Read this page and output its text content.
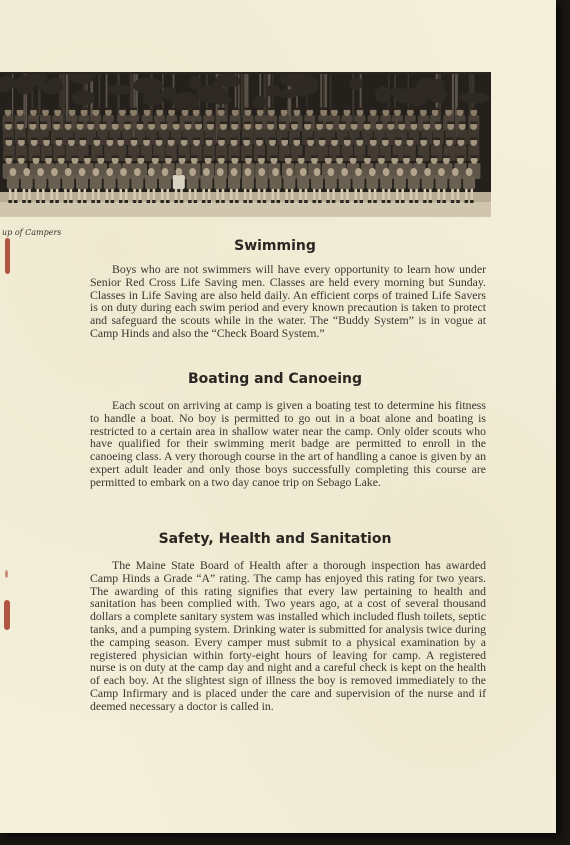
up of Campers
Swimming

Boys who are not swimmers will have every opportunity to learn how under Senior Red Cross Life Saving men. Classes are held every morning but Sunday. Classes in Life Saving are also held daily. An efficient corps of trained Life Savers is on duty during each swim period and every known precaution is taken to protect and safeguard the scouts while in the water. The “Buddy System” is in vogue at Camp Hinds and also the “Check Board System.”

Boating and Canoeing

Each scout on arriving at camp is given a boating test to determine his fitness to handle a boat. No boy is permitted to go out in a boat alone and boating is restricted to a certain area in shallow water near the camp. Only older scouts who have qualified for their swimming merit badge are permitted to enroll in the canoeing class. A very thorough course in the art of handling a canoe is given by an expert adult leader and only those boys successfully completing this course are permitted to embark on a two day canoe trip on Sebago Lake.

Safety, Health and Sanitation

The Maine State Board of Health after a thorough inspection has awarded Camp Hinds a Grade “A” rating. The camp has enjoyed this rating for two years. The awarding of this rating signifies that every law pertaining to health and sanitation has been complied with. Two years ago, at a cost of several thousand dollars a complete sanitary system was installed which included flush toilets, septic tanks, and a pumping system. Drinking water is submitted for analysis twice during the camping season. Every camper must submit to a physical examination by a registered physician within forty-eight hours of leaving for camp. A registered nurse is on duty at the camp day and night and a careful check is kept on the health of each boy. At the slightest sign of illness the boy is removed immediately to the Camp Infirmary and is placed under the care and supervision of the nurse and if deemed necessary a doctor is called in.
